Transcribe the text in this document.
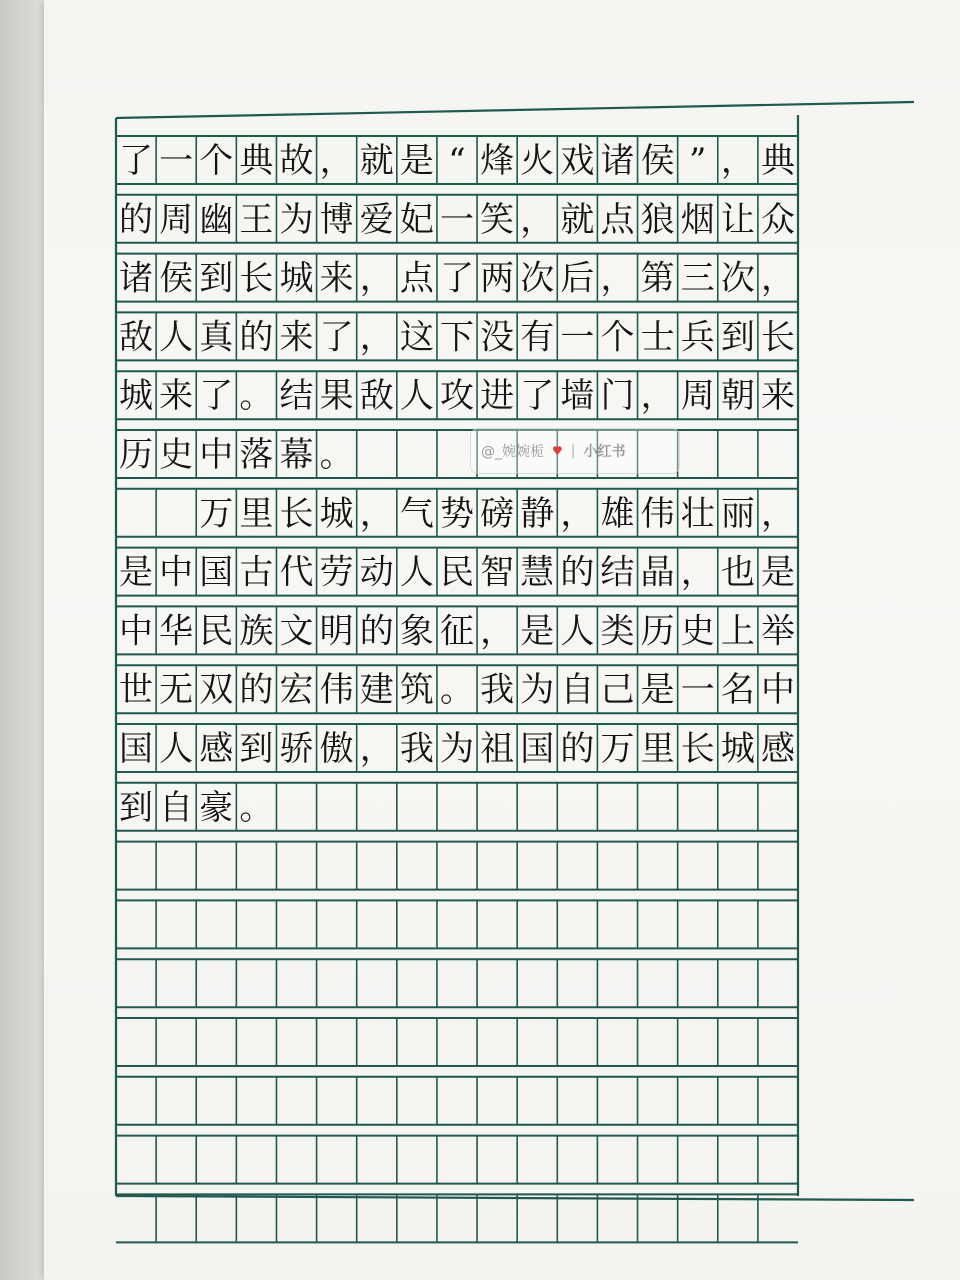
了 一 个 典 故 ， 就 是 “ 烽 火 戏 诸 侯 ” ， 典
的 周 幽 王 为 博 爱 妃 一 笑 ， 就 点 狼 烟 让 众
诸 侯 到 长 城 来 ， 点 了 两 次 后 ， 第 三 次 ，
敌 人 真 的 来 了 ， 这 下 没 有 一 个 士 兵 到 长
城 来 了 。 结 果 敌 人 攻 进 了 墙 门 ， 周 朝 来
历 史 中 落 幕 。
万 里 长 城 ， 气 势 磅 静 ， 雄 伟 壮 丽 ，
是 中 国 古 代 劳 动 人 民 智 慧 的 结 晶 ， 也 是
中 华 民 族 文 明 的 象 征 ， 是 人 类 历 史 上 举
世 无 双 的 宏 伟 建 筑 。 我 为 自 己 是 一 名 中
国 人 感 到 骄 傲 ， 我 为 祖 国 的 万 里 长 城 感
到 自 豪 。
@_婉婉栀 ♥ | 小红书
